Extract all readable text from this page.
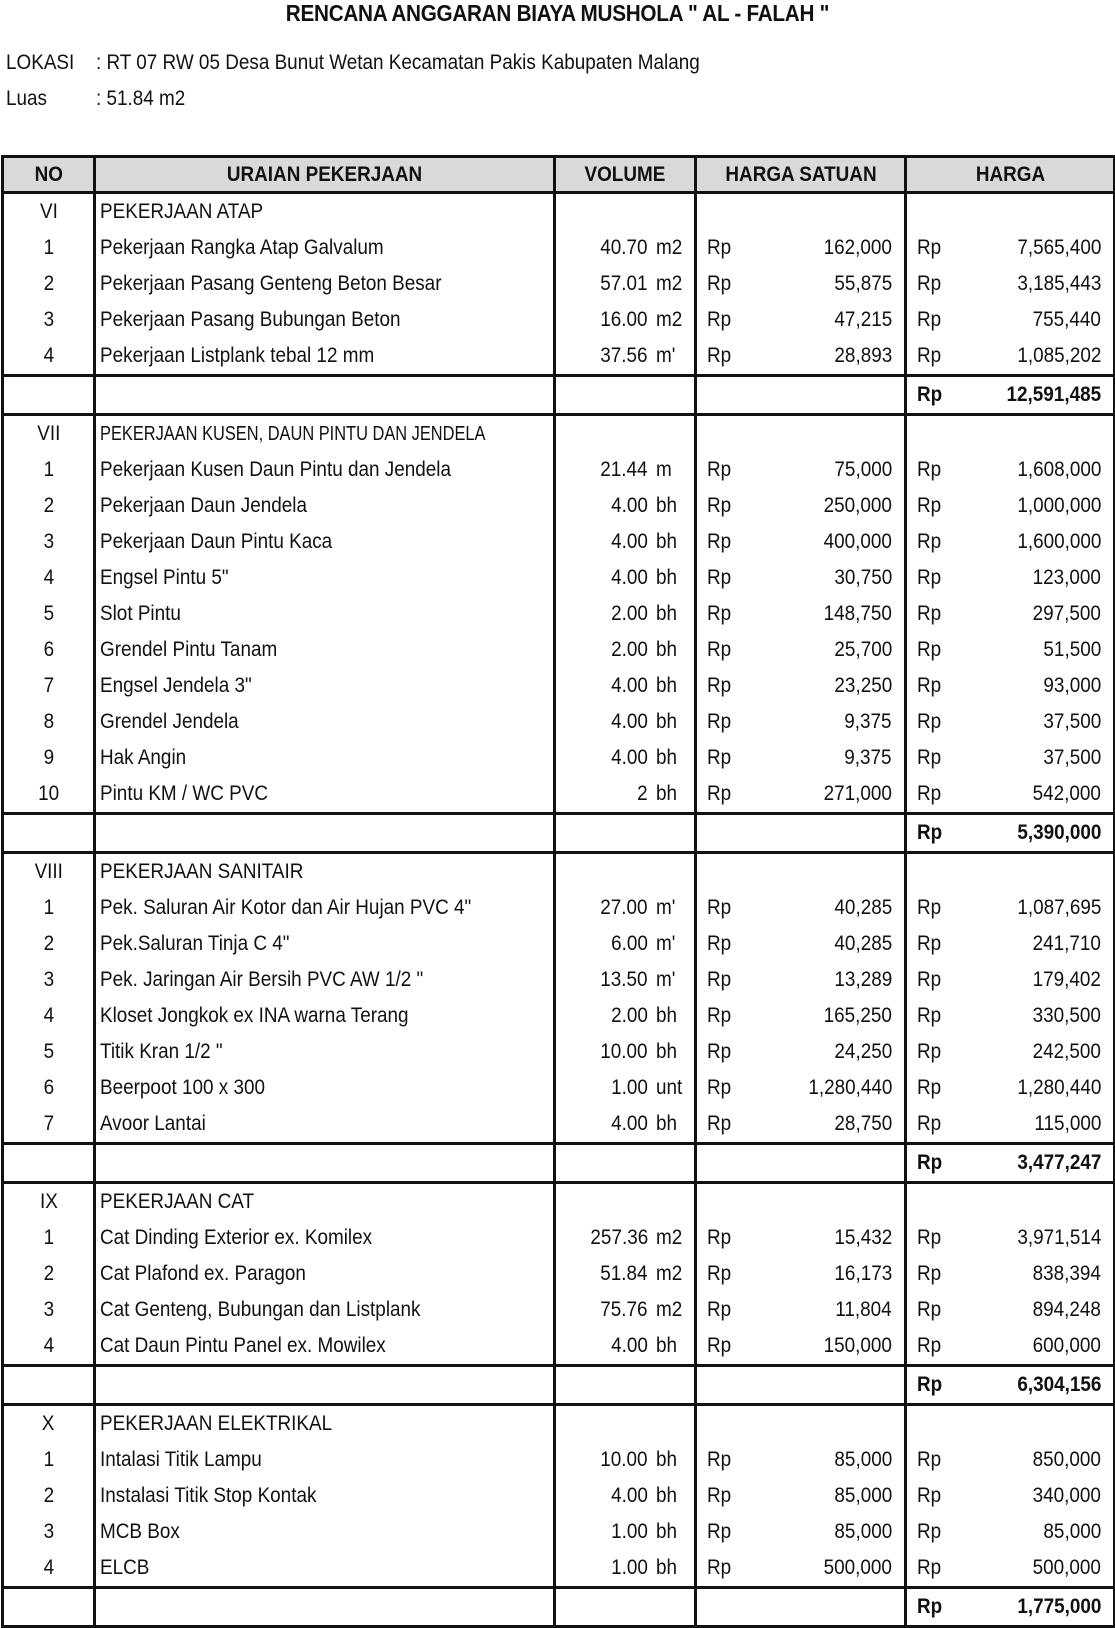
RENCANA ANGGARAN BIAYA MUSHOLA " AL - FALAH "
LOKASI : RT 07 RW 05 Desa Bunut Wetan Kecamatan Pakis Kabupaten Malang
Luas : 51.84 m2
NO	URAIAN PEKERJAAN	VOLUME	HARGA SATUAN	HARGA
VI	PEKERJAAN ATAP			
1	Pekerjaan Rangka Atap Galvalum	40.70 m2	Rp 162,000	Rp 7,565,400

2	Pekerjaan Pasang Genteng Beton Besar	57.01 m2	Rp 55,875	Rp 3,185,443

3	Pekerjaan Pasang Bubungan Beton	16.00 m2	Rp 47,215	Rp 755,440

4	Pekerjaan Listplank tebal 12 mm	37.56 m'	Rp 28,893	Rp 1,085,202

				Rp 12,591,485

VII	PEKERJAAN KUSEN, DAUN PINTU DAN JENDELA			
1	Pekerjaan Kusen Daun Pintu dan Jendela	21.44 m	Rp 75,000	Rp 1,608,000

2	Pekerjaan Daun Jendela	4.00 bh	Rp 250,000	Rp 1,000,000

3	Pekerjaan Daun Pintu Kaca	4.00 bh	Rp 400,000	Rp 1,600,000

4	Engsel Pintu 5"	4.00 bh	Rp 30,750	Rp 123,000

5	Slot Pintu	2.00 bh	Rp 148,750	Rp 297,500

6	Grendel Pintu Tanam	2.00 bh	Rp 25,700	Rp 51,500

7	Engsel Jendela 3"	4.00 bh	Rp 23,250	Rp 93,000

8	Grendel Jendela	4.00 bh	Rp 9,375	Rp 37,500

9	Hak Angin	4.00 bh	Rp 9,375	Rp 37,500

10	Pintu KM / WC PVC	2 bh	Rp 271,000	Rp 542,000

				Rp 5,390,000

VIII	PEKERJAAN SANITAIR			
1	Pek. Saluran Air Kotor dan Air Hujan PVC 4"	27.00 m'	Rp 40,285	Rp 1,087,695

2	Pek.Saluran Tinja C 4"	6.00 m'	Rp 40,285	Rp 241,710

3	Pek. Jaringan Air Bersih PVC AW 1/2 "	13.50 m'	Rp 13,289	Rp 179,402

4	Kloset Jongkok ex INA warna Terang	2.00 bh	Rp 165,250	Rp 330,500

5	Titik Kran 1/2 "	10.00 bh	Rp 24,250	Rp 242,500

6	Beerpoot 100 x 300	1.00 unt	Rp 1,280,440	Rp 1,280,440

7	Avoor Lantai	4.00 bh	Rp 28,750	Rp 115,000

				Rp 3,477,247

IX	PEKERJAAN CAT			
1	Cat Dinding Exterior ex. Komilex	257.36 m2	Rp 15,432	Rp 3,971,514

2	Cat Plafond ex. Paragon	51.84 m2	Rp 16,173	Rp 838,394

3	Cat Genteng, Bubungan dan Listplank	75.76 m2	Rp 11,804	Rp 894,248

4	Cat Daun Pintu Panel ex. Mowilex	4.00 bh	Rp 150,000	Rp 600,000

				Rp 6,304,156

X	PEKERJAAN ELEKTRIKAL			
1	Intalasi Titik Lampu	10.00 bh	Rp 85,000	Rp 850,000

2	Instalasi Titik Stop Kontak	4.00 bh	Rp 85,000	Rp 340,000

3	MCB Box	1.00 bh	Rp 85,000	Rp 85,000

4	ELCB	1.00 bh	Rp 500,000	Rp 500,000

				Rp 1,775,000
